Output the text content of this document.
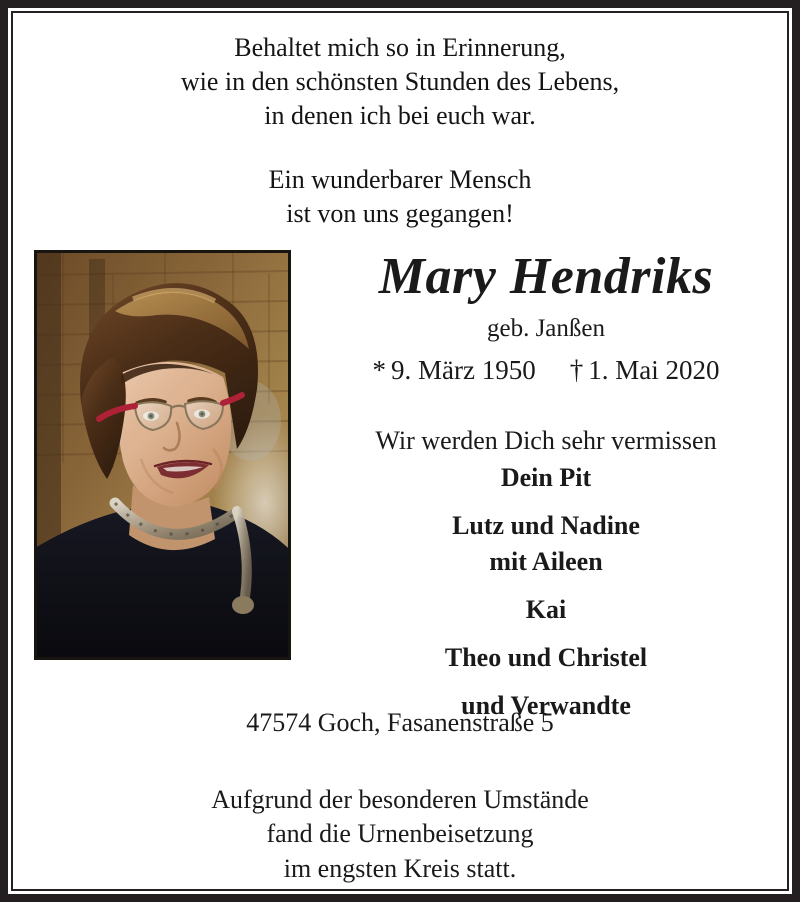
Behaltet mich so in Erinnerung,
wie in den schönsten Stunden des Lebens,
in denen ich bei euch war.
Ein wunderbarer Mensch
ist von uns gegangen!
Mary Hendriks
geb. Janßen
* 9. März 1950 † 1. Mai 2020
Wir werden Dich sehr vermissen
Dein Pit
Lutz und Nadine
mit Aileen
Kai
Theo und Christel
und Verwandte
47574 Goch, Fasanenstraße 5
Aufgrund der besonderen Umstände
fand die Urnenbeisetzung
im engsten Kreis statt.
